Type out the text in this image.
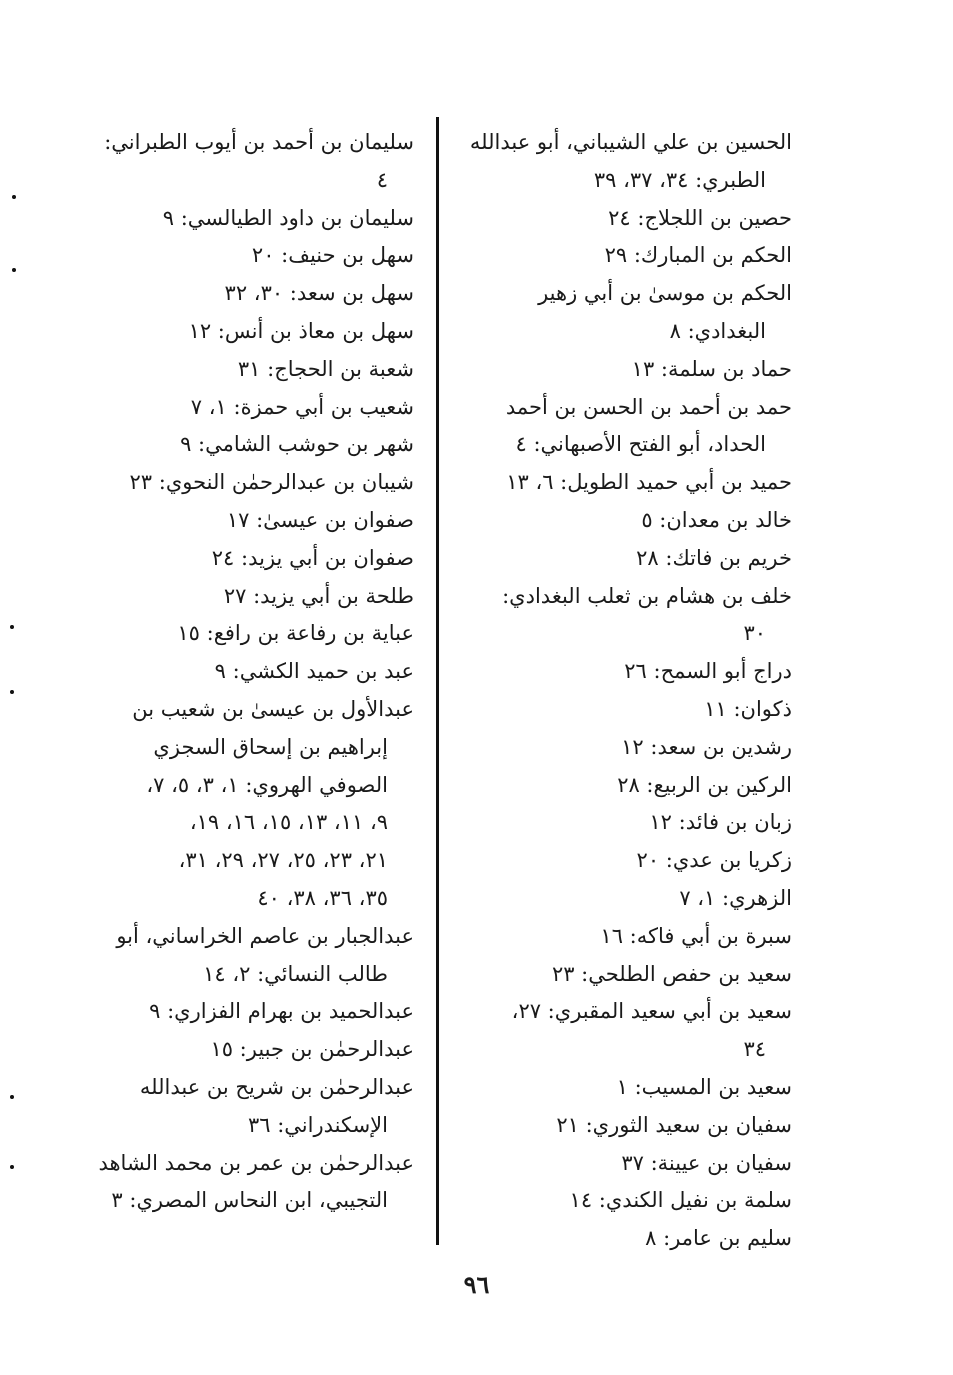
الحسين بن علي الشيباني، أبو عبدالله
الطبري: ٣٤، ٣٧، ٣٩
حصين بن اللجلاج: ٢٤
الحكم بن المبارك: ٢٩
الحكم بن موسىٰ بن أبي زهير
البغدادي: ٨
حماد بن سلمة: ١٣
حمد بن أحمد بن الحسن بن أحمد
الحداد، أبو الفتح الأصبهاني: ٤
حميد بن أبي حميد الطويل: ٦، ١٣
خالد بن معدان: ٥
خريم بن فاتك: ٢٨
خلف بن هشام بن ثعلب البغدادي:
٣٠
دراج أبو السمح: ٢٦
ذكوان: ١١
رشدين بن سعد: ١٢
الركين بن الربيع: ٢٨
زبان بن فائد: ١٢
زكريا بن عدي: ٢٠
الزهري: ١، ٧
سبرة بن أبي فاكه: ١٦
سعيد بن حفص الطلحي: ٢٣
سعيد بن أبي سعيد المقبري: ٢٧،
٣٤
سعيد بن المسيب: ١
سفيان بن سعيد الثوري: ٢١
سفيان بن عيينة: ٣٧
سلمة بن نفيل الكندي: ١٤
سليم بن عامر: ٨
سليمان بن أحمد بن أيوب الطبراني:
٤
سليمان بن داود الطيالسي: ٩
سهل بن حنيف: ٢٠
سهل بن سعد: ٣٠، ٣٢
سهل بن معاذ بن أنس: ١٢
شعبة بن الحجاج: ٣١
شعيب بن أبي حمزة: ١، ٧
شهر بن حوشب الشامي: ٩
شيبان بن عبدالرحمٰن النحوي: ٢٣
صفوان بن عيسىٰ: ١٧
صفوان بن أبي يزيد: ٢٤
طلحة بن أبي يزيد: ٢٧
عباية بن رفاعة بن رافع: ١٥
عبد بن حميد الكشي: ٩
عبدالأول بن عيسىٰ بن شعيب بن
إبراهيم بن إسحاق السجزي
الصوفي الهروي: ١، ٣، ٥، ٧،
٩، ١١، ١٣، ١٥، ١٦، ١٩،
٢١، ٢٣، ٢٥، ٢٧، ٢٩، ٣١،
٣٥، ٣٦، ٣٨، ٤٠
عبدالجبار بن عاصم الخراساني، أبو
طالب النسائي: ٢، ١٤
عبدالحميد بن بهرام الفزاري: ٩
عبدالرحمٰن بن جبير: ١٥
عبدالرحمٰن بن شريح بن عبدالله
الإسكندراني: ٣٦
عبدالرحمٰن بن عمر بن محمد الشاهد
التجيبي، ابن النحاس المصري: ٣
٩٦
